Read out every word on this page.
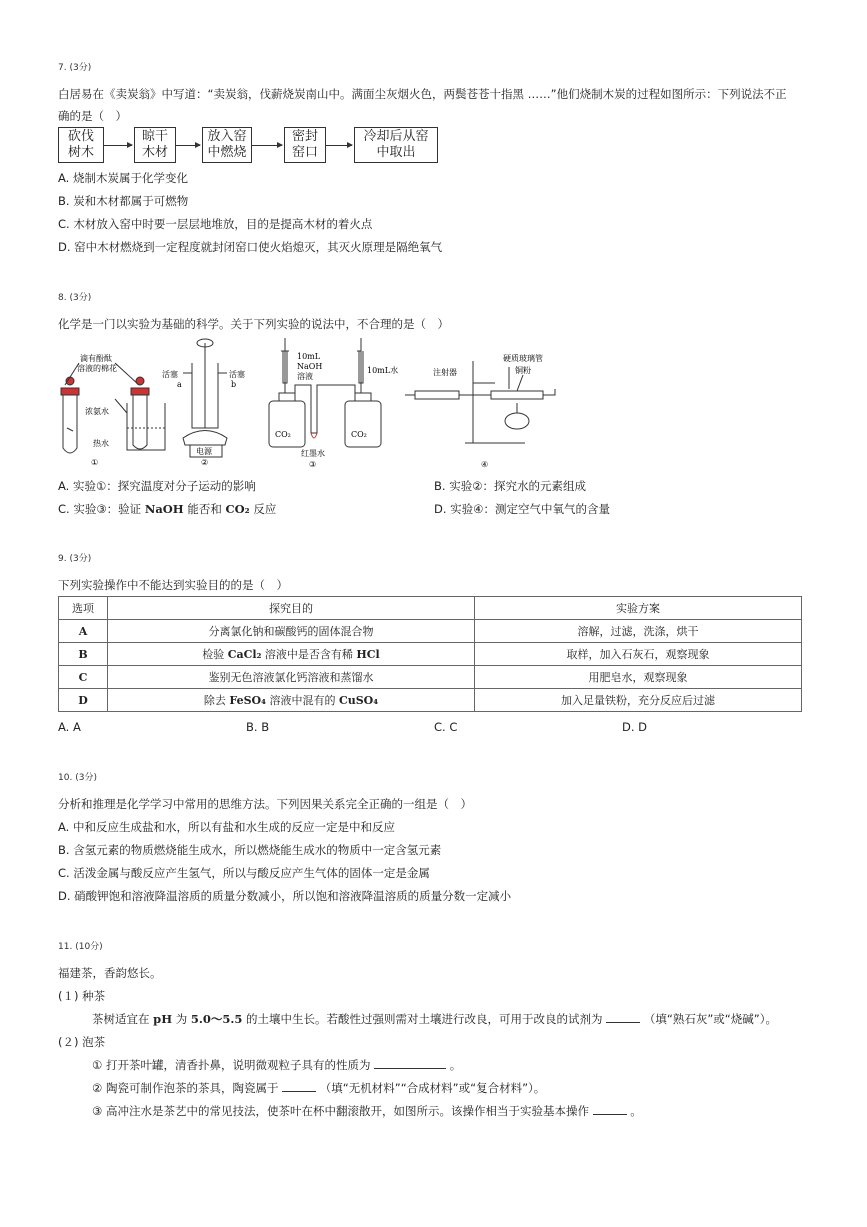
7. (3分)
白居易在《卖炭翁》中写道：“卖炭翁，伐薪烧炭南山中。满面尘灰烟火色，两鬓苍苍十指黑 ……”他们烧制木炭的过程如图所示：下列说法不正
确的是（　）
砍伐
树木
晾干
木材
放入窑
中燃烧
密封
窑口
冷却后从窑
中取出
A. 烧制木炭属于化学变化
B. 炭和木材都属于可燃物
C. 木材放入窑中时要一层层地堆放，目的是提高木材的着火点
D. 窑中木材燃烧到一定程度就封闭窑口使火焰熄灭，其灭火原理是隔绝氧气
8. (3分)
化学是一门以实验为基础的科学。关于下列实验的说法中，不合理的是（　）
滴有酚酞
溶液的棉花
浓氨水
热水
①
活塞	活塞
a	b
电源
②
10mL
NaOH
溶液
10mL水
CO₂	CO₂
红墨水
③
硬质玻璃管
注射器	铜粉
④
A. 实验①：探究温度对分子运动的影响	B. 实验②：探究水的元素组成
C. 实验③：验证 NaOH 能否和 CO₂ 反应	D. 实验④：测定空气中氧气的含量
9. (3分)
下列实验操作中不能达到实验目的的是（　）
选项	探究目的	实验方案
A	分离氯化钠和碳酸钙的固体混合物	溶解，过滤，洗涤，烘干
B	检验 CaCl₂ 溶液中是否含有稀 HCl	取样，加入石灰石，观察现象
C	鉴别无色溶液氯化钙溶液和蒸馏水	用肥皂水，观察现象
D	除去 FeSO₄ 溶液中混有的 CuSO₄	加入足量铁粉，充分反应后过滤
A. A	B. B	C. C	D. D
10. (3分)
分析和推理是化学学习中常用的思维方法。下列因果关系完全正确的一组是（　）
A. 中和反应生成盐和水，所以有盐和水生成的反应一定是中和反应
B. 含氢元素的物质燃烧能生成水，所以燃烧能生成水的物质中一定含氢元素
C. 活泼金属与酸反应产生氢气，所以与酸反应产生气体的固体一定是金属
D. 硝酸钾饱和溶液降温溶质的质量分数减小，所以饱和溶液降温溶质的质量分数一定减小
11. (10分)
福建茶，香韵悠长。
(１) 种茶
茶树适宜在 pH 为 5.0～5.5 的土壤中生长。若酸性过强则需对土壤进行改良，可用于改良的试剂为	（填“熟石灰”或“烧碱”）。
(２) 泡茶
① 打开茶叶罐，清香扑鼻，说明微观粒子具有的性质为	。
② 陶瓷可制作泡茶的茶具，陶瓷属于	（填“无机材料”“合成材料”或“复合材料”）。
③ 高冲注水是茶艺中的常见技法，使茶叶在杯中翻滚散开，如图所示。该操作相当于实验基本操作	。
